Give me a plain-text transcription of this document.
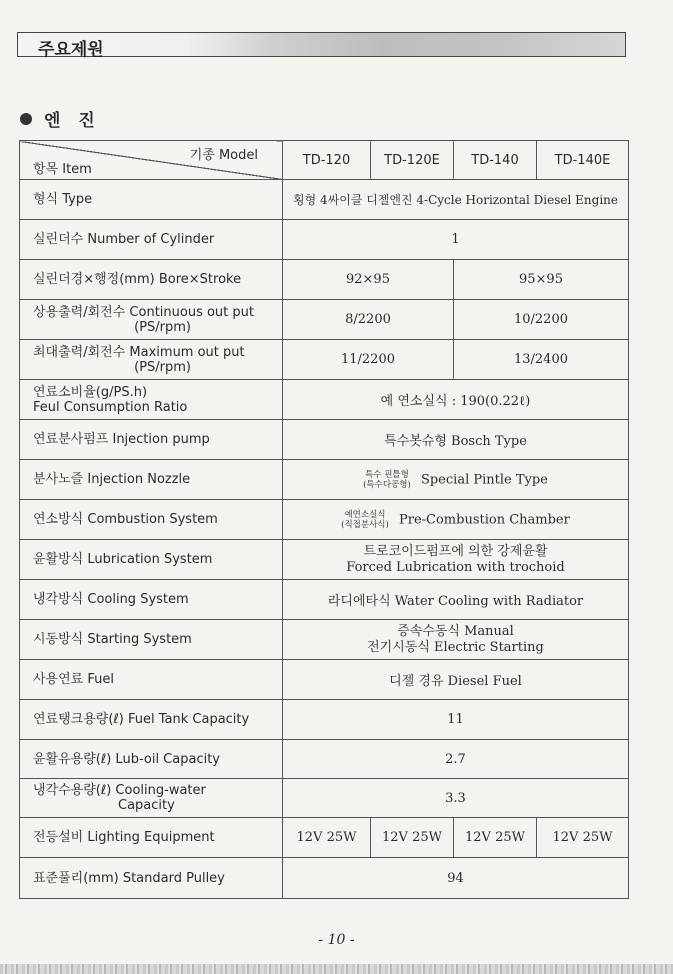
주요제원
엔 진
기종 Model
항목 Item	TD-120	TD-120E	TD-140	TD-140E
형식 Type	횡형 4싸이클 디젤엔진 4-Cycle Horizontal Diesel Engine			
실린더수 Number of Cylinder	1			
실린더경×행정(mm) Bore×Stroke	92×95		95×95	
상용출력/회전수 Continuous out put
(PS/rpm)	8/2200		10/2200	
최대출력/회전수 Maximum out put
(PS/rpm)	11/2200		13/2400	

연료소비율(g/PS.h)
Feul Consumption Ratio	예 연소실식 : 190(0.22ℓ)			
연료분사펌프 Injection pump	특수봇슈형 Bosch Type			
분사노즐 Injection Nozzle	특수 핀틀형
(특수다공형) Special Pintle Type			
연소방식 Combustion System	예연소실식
(직접분사식) Pre-Combustion Chamber			
윤활방식 Lubrication System	트로코이드펌프에 의한 강제윤활
Forced Lubrication with trochoid			

냉각방식 Cooling System	라디에타식 Water Cooling with Radiator			
시동방식 Starting System	증속수동식 Manual
전기시동식 Electric Starting			

사용연료 Fuel	디젤 경유 Diesel Fuel			
연료탱크용량(ℓ) Fuel Tank Capacity	11			
윤활유용량(ℓ) Lub-oil Capacity	2.7			

냉각수용량(ℓ) Cooling-water
Capacity	3.3			
전등설비 Lighting Equipment	12V 25W	12V 25W	12V 25W	12V 25W
표준풀리(mm) Standard Pulley	94			
- 10 -
